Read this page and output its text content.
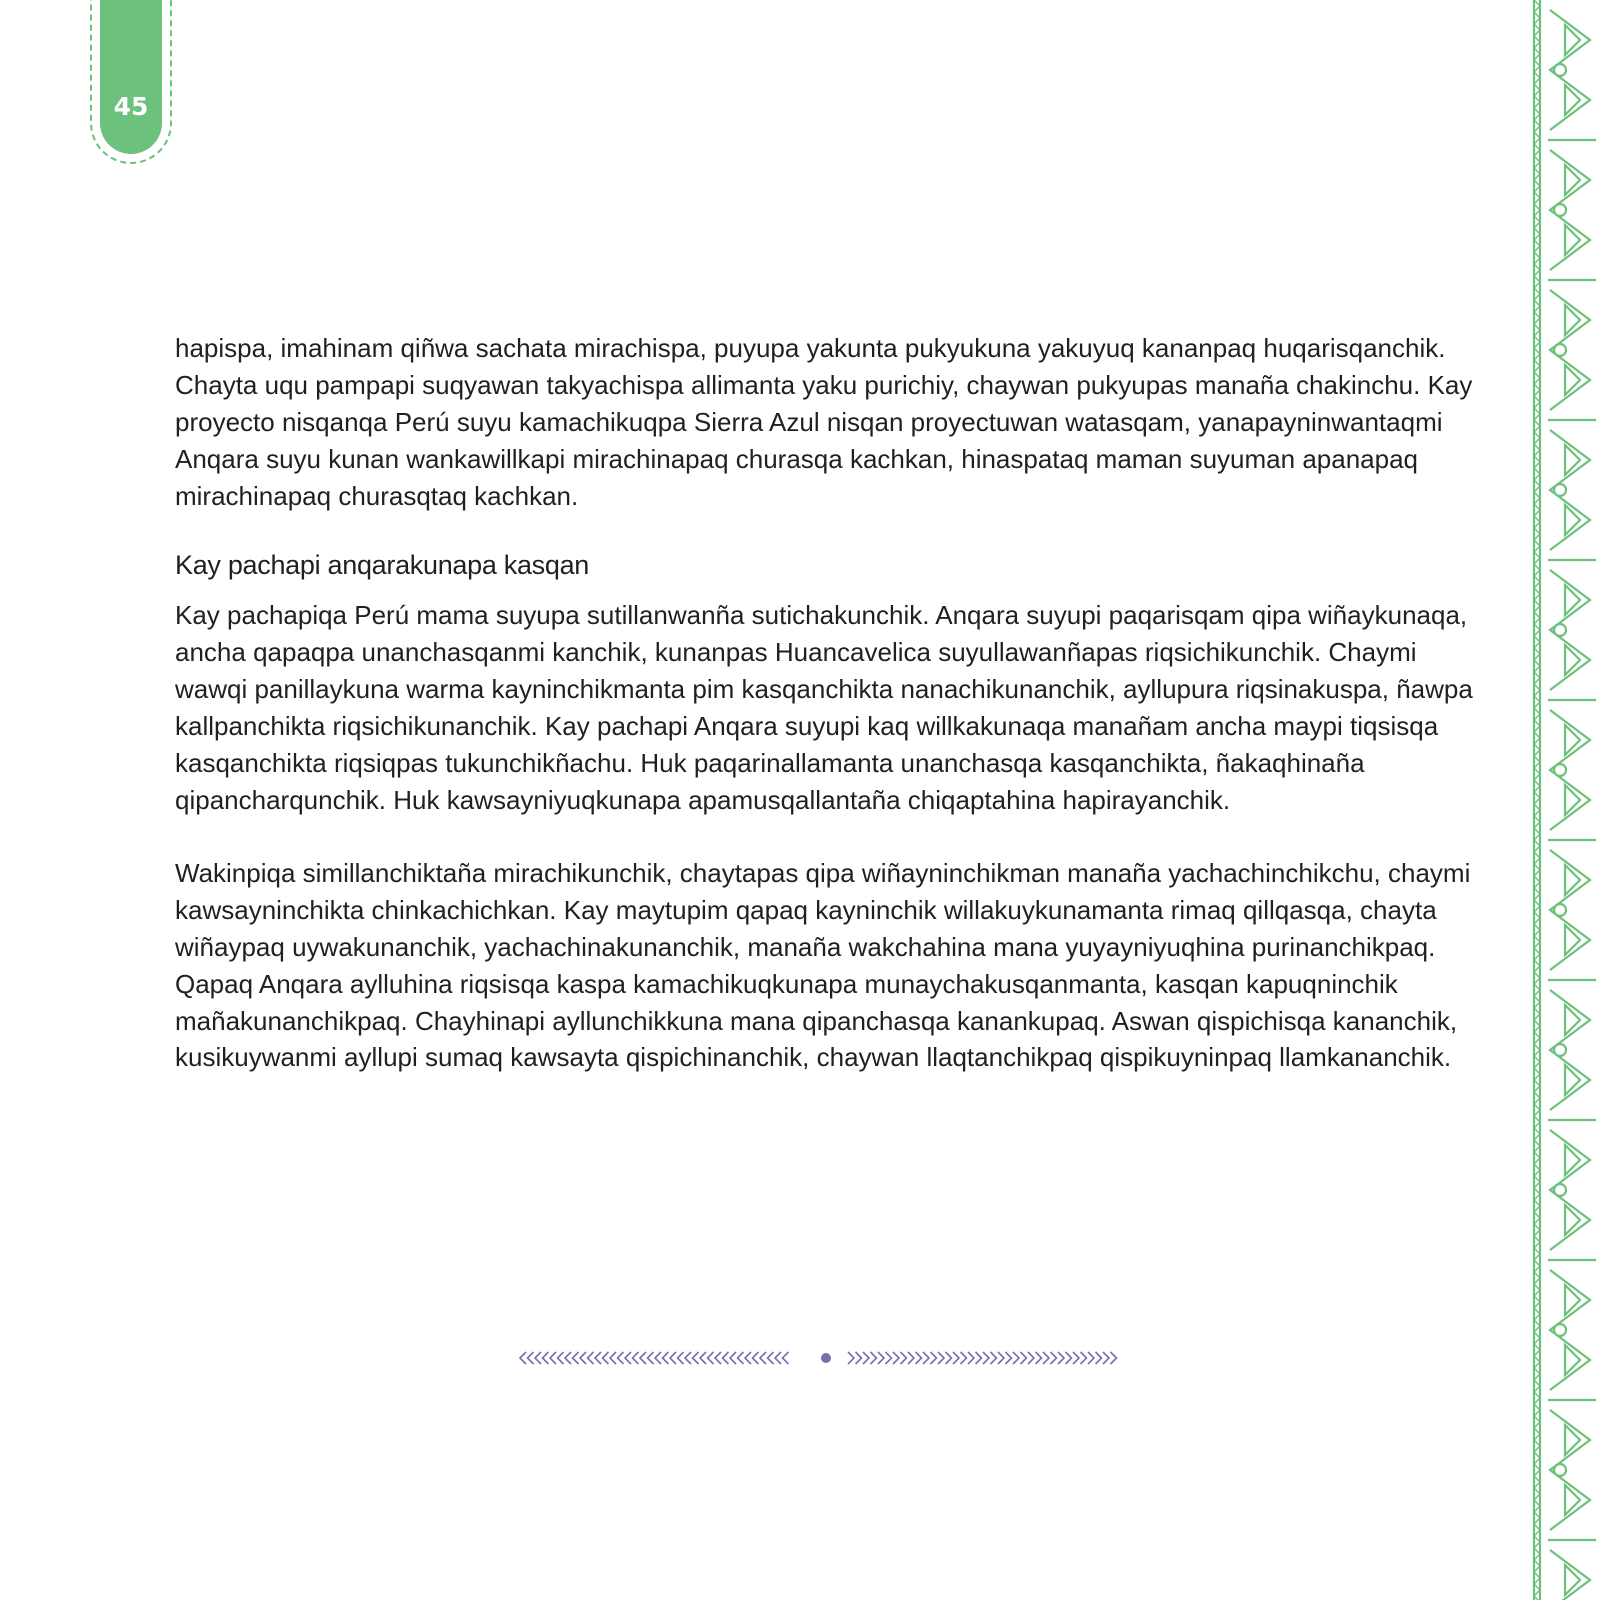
45

hapispa, imahinam qiñwa sachata mirachispa, puyupa yakunta pukyukuna yakuyuq kananpaq huqarisqanchik. Chayta uqu pampapi suqyawan takyachispa allimanta yaku purichiy, chaywan pukyupas manaña chakinchu. Kay proyecto nisqanqa Perú suyu kamachikuqpa Sierra Azul nisqan proyectuwan watasqam, yanapayninwantaqmi Anqara suyu kunan wankawillkapi mirachinapaq churasqa kachkan, hinaspataq maman suyuman apanapaq mirachinapaq churasqtaq kachkan.

Kay pachapi anqarakunapa kasqan

Kay pachapiqa Perú mama suyupa sutillanwanña sutichakunchik. Anqara suyupi paqarisqam qipa wiñaykunaqa, ancha qapaqpa unanchasqanmi kanchik, kunanpas Huancavelica suyullawanñapas riqsichikunchik. Chaymi wawqi panillaykuna warma kayninchikmanta pim kasqanchikta nanachikunanchik, ayllupura riqsinakuspa, ñawpa kallpanchikta riqsichikunanchik. Kay pachapi Anqara suyupi kaq willkakunaqa manañam ancha maypi tiqsisqa kasqanchikta riqsiqpas tukunchikñachu. Huk paqarinallamanta unanchasqa kasqanchikta, ñakaqhinaña qipancharqunchik. Huk kawsayniyuqkunapa apamusqallantaña chiqaptahina hapirayanchik.

Wakinpiqa simillanchiktaña mirachikunchik, chaytapas qipa wiñayninchikman manaña yachachinchikchu, chaymi kawsayninchikta chinkachichkan. Kay maytupim qapaq kayninchik willakuykunamanta rimaq qillqasqa, chayta wiñaypaq uywakunanchik, yachachinakunanchik, manaña wakchahina mana yuyayniyuqhina purinanchikpaq. Qapaq Anqara aylluhina riqsisqa kaspa kamachikuqkunapa munaychakusqanmanta, kasqan kapuqninchik mañakunanchikpaq. Chayhinapi ayllunchikkuna mana qipanchasqa kanankupaq. Aswan qispichisqa kananchik, kusikuywanmi ayllupi sumaq kawsayta qispichinanchik, chaywan llaqtanchikpaq qispikuyninpaq llamkananchik.
